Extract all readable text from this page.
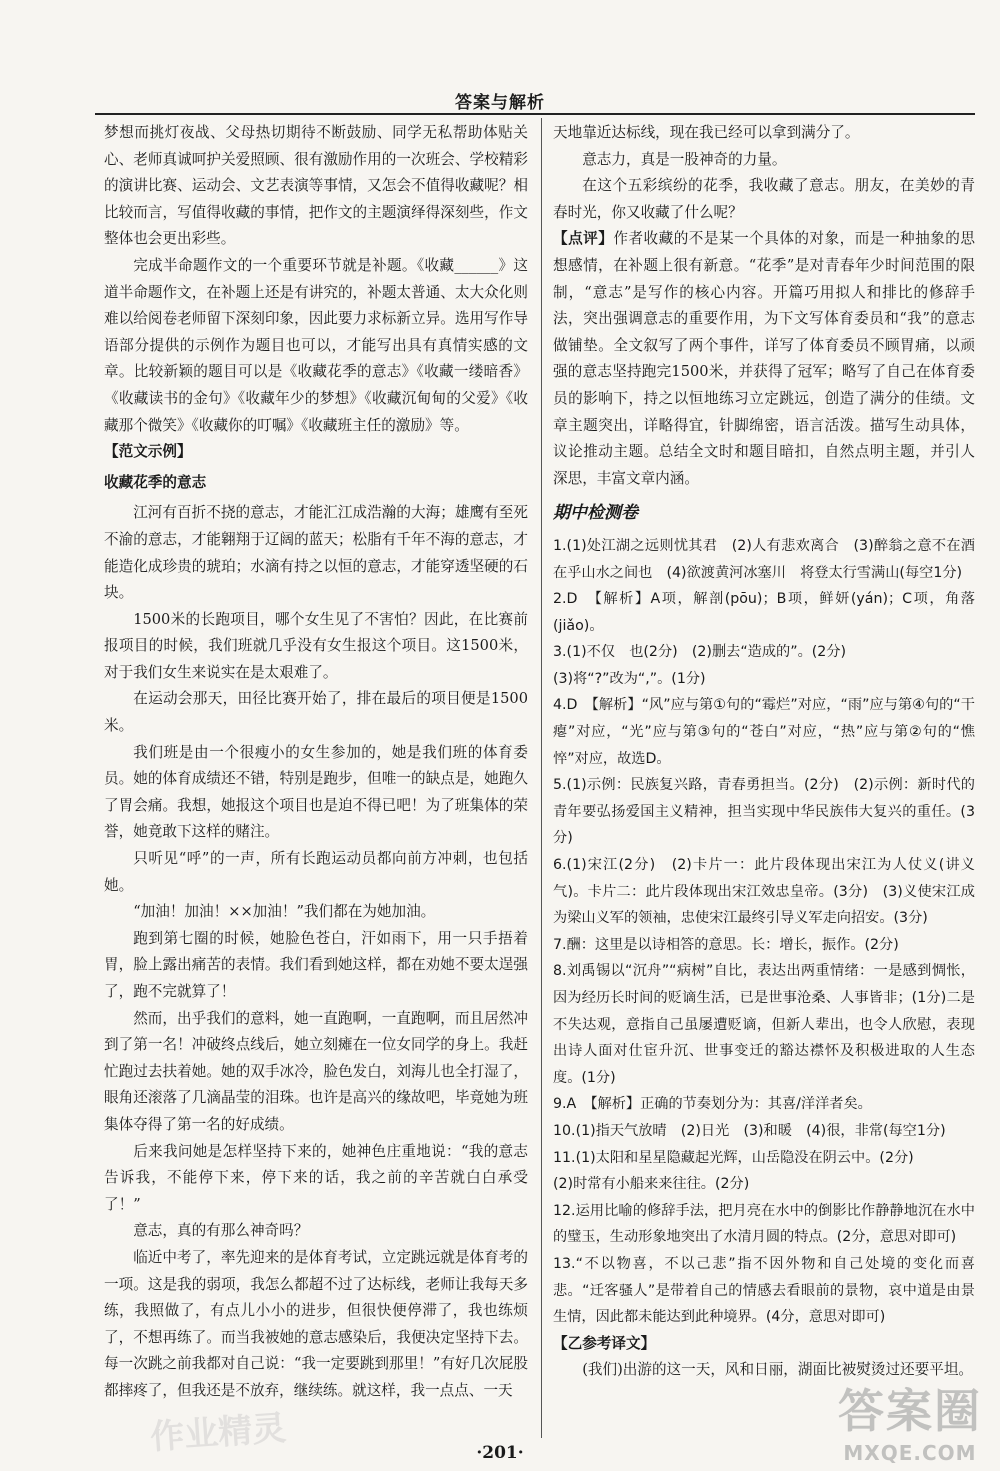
答案与解析

梦想而挑灯夜战、父母热切期待不断鼓励、同学无私帮助体贴关心、老师真诚呵护关爱照顾、很有激励作用的一次班会、学校精彩的演讲比赛、运动会、文艺表演等事情，又怎会不值得收藏呢？相比较而言，写值得收藏的事情，把作文的主题演绎得深刻些，作文整体也会更出彩些。

完成半命题作文的一个重要环节就是补题。《收藏______》这道半命题作文，在补题上还是有讲究的，补题太普通、太大众化则难以给阅卷老师留下深刻印象，因此要力求标新立异。选用写作导语部分提供的示例作为题目也可以，才能写出具有真情实感的文章。比较新颖的题目可以是《收藏花季的意志》《收藏一缕暗香》《收藏读书的金句》《收藏年少的梦想》《收藏沉甸甸的父爱》《收藏那个微笑》《收藏你的叮嘱》《收藏班主任的激励》等。

【范文示例】

收藏花季的意志

江河有百折不挠的意志，才能汇江成浩瀚的大海；雄鹰有至死不渝的意志，才能翱翔于辽阔的蓝天；松脂有千年不海的意志，才能造化成珍贵的琥珀；水滴有持之以恒的意志，才能穿透坚硬的石块。

1500米的长跑项目，哪个女生见了不害怕？因此，在比赛前报项目的时候，我们班就几乎没有女生报这个项目。这1500米，对于我们女生来说实在是太艰难了。

在运动会那天，田径比赛开始了，排在最后的项目便是1500米。

我们班是由一个很瘦小的女生参加的，她是我们班的体育委员。她的体育成绩还不错，特别是跑步，但唯一的缺点是，她跑久了胃会痛。我想，她报这个项目也是迫不得已吧！为了班集体的荣誉，她竟敢下这样的赌注。

只听见“呼”的一声，所有长跑运动员都向前方冲刺，也包括她。

“加油！加油！××加油！”我们都在为她加油。

跑到第七圈的时候，她脸色苍白，汗如雨下，用一只手捂着胃，脸上露出痛苦的表情。我们看到她这样，都在劝她不要太逞强了，跑不完就算了！

然而，出乎我们的意料，她一直跑啊，一直跑啊，而且居然冲到了第一名！冲破终点线后，她立刻瘫在一位女同学的身上。我赶忙跑过去扶着她。她的双手冰冷，脸色发白，刘海儿也全打湿了，眼角还滚落了几滴晶莹的泪珠。也许是高兴的缘故吧，毕竟她为班集体夺得了第一名的好成绩。

后来我问她是怎样坚持下来的，她神色庄重地说：“我的意志告诉我，不能停下来，停下来的话，我之前的辛苦就白白承受了！”

意志，真的有那么神奇吗？

临近中考了，率先迎来的是体育考试，立定跳远就是体育考的一项。这是我的弱项，我怎么都超不过了达标线，老师让我每天多练，我照做了，有点儿小小的进步，但很快便停滞了，我也练烦了，不想再练了。而当我被她的意志感染后，我便决定坚持下去。每一次跳之前我都对自己说：“我一定要跳到那里！”有好几次屁股都摔疼了，但我还是不放弃，继续练。就这样，我一点点、一天

天地靠近达标线，现在我已经可以拿到满分了。

意志力，真是一股神奇的力量。

在这个五彩缤纷的花季，我收藏了意志。朋友，在美妙的青春时光，你又收藏了什么呢？

【点评】作者收藏的不是某一个具体的对象，而是一种抽象的思想感情，在补题上很有新意。“花季”是对青春年少时间范围的限制，“意志”是写作的核心内容。开篇巧用拟人和排比的修辞手法，突出强调意志的重要作用，为下文写体育委员和“我”的意志做铺垫。全文叙写了两个事件，详写了体育委员不顾胃痛，以顽强的意志坚持跑完1500米，并获得了冠军；略写了自己在体育委员的影响下，持之以恒地练习立定跳远，创造了满分的佳绩。文章主题突出，详略得宜，针脚绵密，语言活泼。描写生动具体，议论推动主题。总结全文时和题目暗扣，自然点明主题，并引人深思，丰富文章内涵。

期中检测卷

1.(1)处江湖之远则忧其君　(2)人有悲欢离合　(3)醉翁之意不在酒　在乎山水之间也　(4)欲渡黄河冰塞川　将登太行雪满山(每空1分)

2.D　【解析】A项，解剖(pōu)；B项，鲜妍(yán)；C项，角落(jiǎo)。

3.(1)不仅　也(2分)　(2)删去“造成的”。(2分)

(3)将“?”改为“,”。(1分)

4.D　【解析】“风”应与第①句的“霉烂”对应，“雨”应与第④句的“干瘪”对应，“光”应与第③句的“苍白”对应，“热”应与第②句的“憔悴”对应，故选D。

5.(1)示例：民族复兴路，青春勇担当。(2分)　(2)示例：新时代的青年要弘扬爱国主义精神，担当实现中华民族伟大复兴的重任。(3分)

6.(1)宋江(2分)　(2)卡片一：此片段体现出宋江为人仗义(讲义气)。卡片二：此片段体现出宋江效忠皇帝。(3分)　(3)义使宋江成为梁山义军的领袖，忠使宋江最终引导义军走向招安。(3分)

7.酬：这里是以诗相答的意思。长：增长，振作。(2分)

8.刘禹锡以“沉舟”“病树”自比，表达出两重情绪：一是感到惆怅，因为经历长时间的贬谪生活，已是世事沧桑、人事皆非；(1分)二是不失达观，意指自己虽屡遭贬谪，但新人辈出，也令人欣慰，表现出诗人面对仕宦升沉、世事变迁的豁达襟怀及积极进取的人生态度。(1分)

9.A　【解析】正确的节奏划分为：其喜/洋洋者矣。

10.(1)指天气放晴　(2)日光　(3)和暖　(4)很，非常(每空1分)

11.(1)太阳和星星隐藏起光辉，山岳隐没在阴云中。(2分)

(2)时常有小船来来往往。(2分)

12.运用比喻的修辞手法，把月亮在水中的倒影比作静静地沉在水中的璧玉，生动形象地突出了水清月圆的特点。(2分，意思对即可)

13.“不以物喜，不以己悲”指不因外物和自己处境的变化而喜悲。“迁客骚人”是带着自己的情感去看眼前的景物，哀中道是由景生情，因此都未能达到此种境界。(4分，意思对即可)

【乙参考译文】

(我们)出游的这一天，风和日丽，湖面比被熨烫过还要平坦。

·201·
作业精灵	答案圈
MXQE.COM
